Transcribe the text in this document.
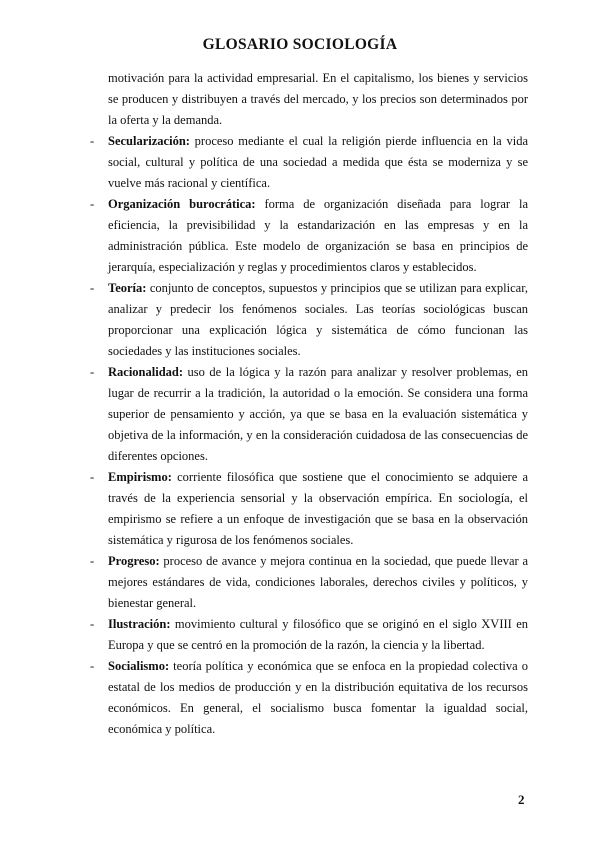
GLOSARIO SOCIOLOGÍA

motivación para la actividad empresarial. En el capitalismo, los bienes y servicios se producen y distribuyen a través del mercado, y los precios son determinados por la oferta y la demanda.

- Secularización: proceso mediante el cual la religión pierde influencia en la vida social, cultural y política de una sociedad a medida que ésta se moderniza y se vuelve más racional y científica.
- Organización burocrática: forma de organización diseñada para lograr la eficiencia, la previsibilidad y la estandarización en las empresas y en la administración pública. Este modelo de organización se basa en principios de jerarquía, especialización y reglas y procedimientos claros y establecidos.
- Teoría: conjunto de conceptos, supuestos y principios que se utilizan para explicar, analizar y predecir los fenómenos sociales. Las teorías sociológicas buscan proporcionar una explicación lógica y sistemática de cómo funcionan las sociedades y las instituciones sociales.
- Racionalidad: uso de la lógica y la razón para analizar y resolver problemas, en lugar de recurrir a la tradición, la autoridad o la emoción. Se considera una forma superior de pensamiento y acción, ya que se basa en la evaluación sistemática y objetiva de la información, y en la consideración cuidadosa de las consecuencias de diferentes opciones.
- Empirismo: corriente filosófica que sostiene que el conocimiento se adquiere a través de la experiencia sensorial y la observación empírica. En sociología, el empirismo se refiere a un enfoque de investigación que se basa en la observación sistemática y rigurosa de los fenómenos sociales.
- Progreso: proceso de avance y mejora continua en la sociedad, que puede llevar a mejores estándares de vida, condiciones laborales, derechos civiles y políticos, y bienestar general.
- Ilustración: movimiento cultural y filosófico que se originó en el siglo XVIII en Europa y que se centró en la promoción de la razón, la ciencia y la libertad.
- Socialismo: teoría política y económica que se enfoca en la propiedad colectiva o estatal de los medios de producción y en la distribución equitativa de los recursos económicos. En general, el socialismo busca fomentar la igualdad social, económica y política.
2
